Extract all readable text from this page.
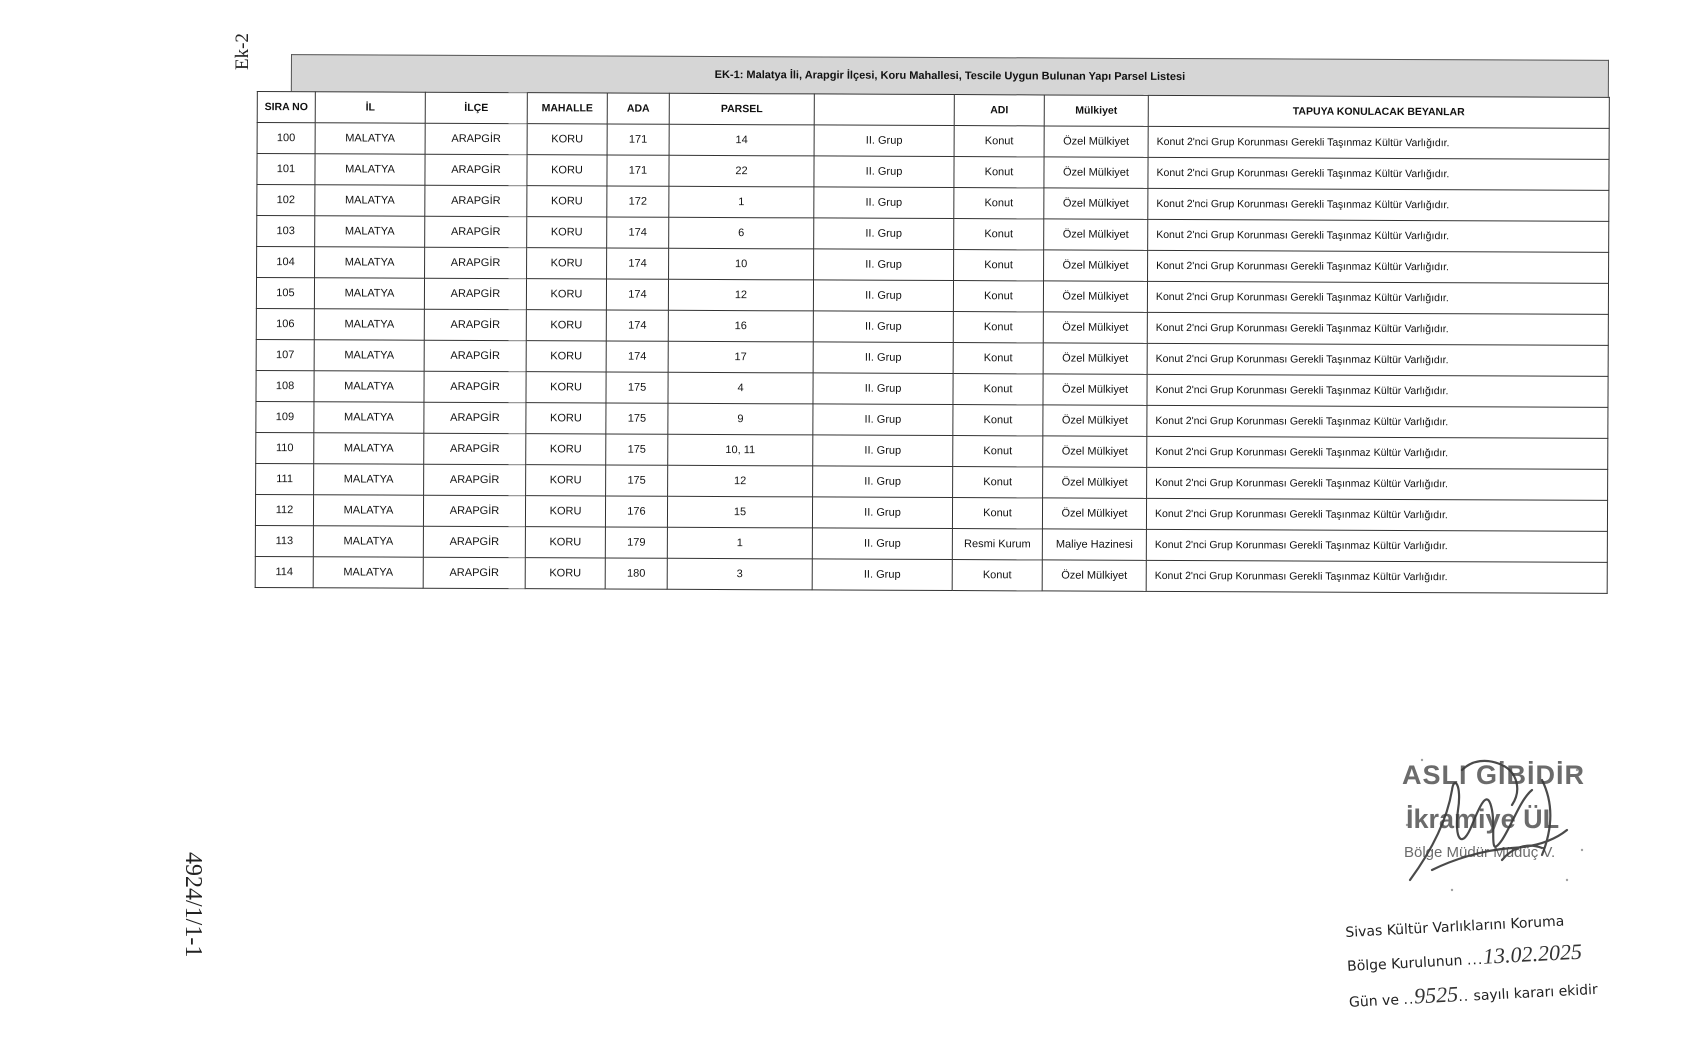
Ek-2
4924/1/1-1
EK-1: Malatya İli, Arapgir İlçesi, Koru Mahallesi, Tescile Uygun Bulunan Yapı Parsel Listesi
SIRA NO	İL	İLÇE	MAHALLE	ADA	PARSEL		ADI	Mülkiyet	TAPUYA KONULACAK BEYANLAR
100	MALATYA	ARAPGİR	KORU	171	14	II. Grup	Konut	Özel Mülkiyet	Konut 2'nci Grup Korunması Gerekli Taşınmaz Kültür Varlığıdır.
101	MALATYA	ARAPGİR	KORU	171	22	II. Grup	Konut	Özel Mülkiyet	Konut 2'nci Grup Korunması Gerekli Taşınmaz Kültür Varlığıdır.
102	MALATYA	ARAPGİR	KORU	172	1	II. Grup	Konut	Özel Mülkiyet	Konut 2'nci Grup Korunması Gerekli Taşınmaz Kültür Varlığıdır.
103	MALATYA	ARAPGİR	KORU	174	6	II. Grup	Konut	Özel Mülkiyet	Konut 2'nci Grup Korunması Gerekli Taşınmaz Kültür Varlığıdır.
104	MALATYA	ARAPGİR	KORU	174	10	II. Grup	Konut	Özel Mülkiyet	Konut 2'nci Grup Korunması Gerekli Taşınmaz Kültür Varlığıdır.
105	MALATYA	ARAPGİR	KORU	174	12	II. Grup	Konut	Özel Mülkiyet	Konut 2'nci Grup Korunması Gerekli Taşınmaz Kültür Varlığıdır.
106	MALATYA	ARAPGİR	KORU	174	16	II. Grup	Konut	Özel Mülkiyet	Konut 2'nci Grup Korunması Gerekli Taşınmaz Kültür Varlığıdır.
107	MALATYA	ARAPGİR	KORU	174	17	II. Grup	Konut	Özel Mülkiyet	Konut 2'nci Grup Korunması Gerekli Taşınmaz Kültür Varlığıdır.
108	MALATYA	ARAPGİR	KORU	175	4	II. Grup	Konut	Özel Mülkiyet	Konut 2'nci Grup Korunması Gerekli Taşınmaz Kültür Varlığıdır.
109	MALATYA	ARAPGİR	KORU	175	9	II. Grup	Konut	Özel Mülkiyet	Konut 2'nci Grup Korunması Gerekli Taşınmaz Kültür Varlığıdır.
110	MALATYA	ARAPGİR	KORU	175	10, 11	II. Grup	Konut	Özel Mülkiyet	Konut 2'nci Grup Korunması Gerekli Taşınmaz Kültür Varlığıdır.
111	MALATYA	ARAPGİR	KORU	175	12	II. Grup	Konut	Özel Mülkiyet	Konut 2'nci Grup Korunması Gerekli Taşınmaz Kültür Varlığıdır.
112	MALATYA	ARAPGİR	KORU	176	15	II. Grup	Konut	Özel Mülkiyet	Konut 2'nci Grup Korunması Gerekli Taşınmaz Kültür Varlığıdır.
113	MALATYA	ARAPGİR	KORU	179	1	II. Grup	Resmi Kurum	Maliye Hazinesi	Konut 2'nci Grup Korunması Gerekli Taşınmaz Kültür Varlığıdır.
114	MALATYA	ARAPGİR	KORU	180	3	II. Grup	Konut	Özel Mülkiyet	Konut 2'nci Grup Korunması Gerekli Taşınmaz Kültür Varlığıdır.
ASLI GİBİDİR
İkramiye ÜL
Bölge Müdür Müdüç V.
Sivas Kültür Varlıklarını Koruma
Bölge Kurulunun ...13.02.2025
Gün ve ..9525.. sayılı kararı ekidir
